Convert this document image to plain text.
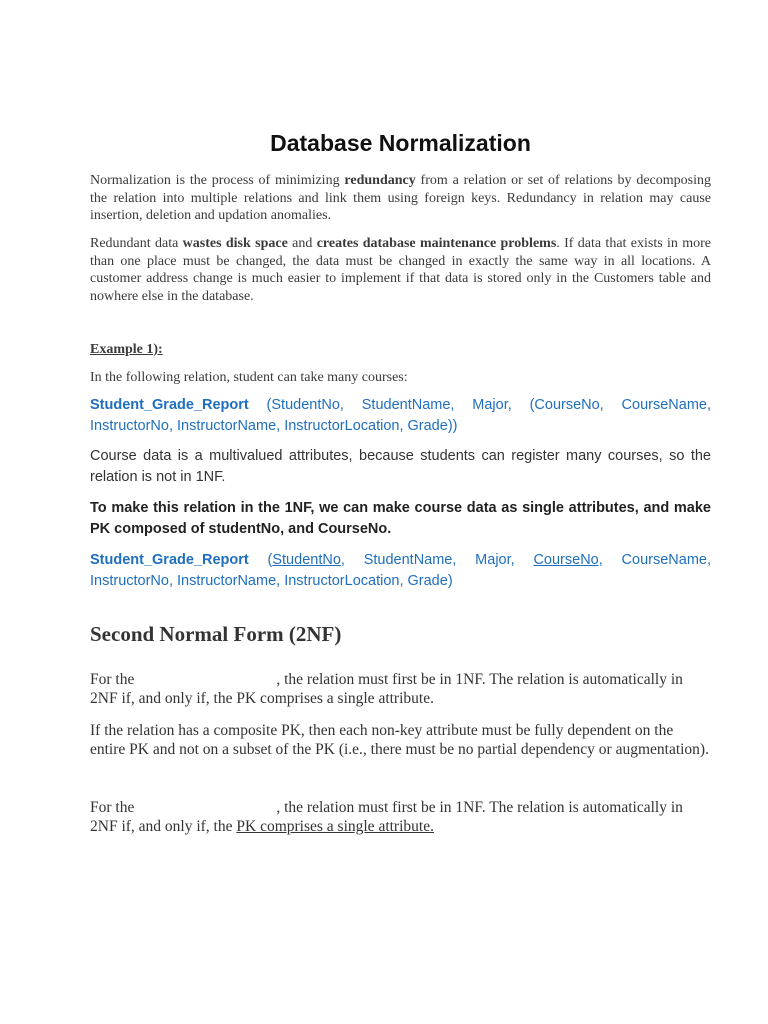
Database Normalization

Normalization is the process of minimizing redundancy from a relation or set of relations by decomposing the relation into multiple relations and link them using foreign keys. Redundancy in relation may cause insertion, deletion and updation anomalies.

Redundant data wastes disk space and creates database maintenance problems. If data that exists in more than one place must be changed, the data must be changed in exactly the same way in all locations. A customer address change is much easier to implement if that data is stored only in the Customers table and nowhere else in the database.

Example 1):

In the following relation, student can take many courses:

Student_Grade_Report (StudentNo, StudentName, Major, (CourseNo, CourseName, InstructorNo, InstructorName, InstructorLocation, Grade))

Course data is a multivalued attributes, because students can register many courses, so the relation is not in 1NF.

To make this relation in the 1NF, we can make course data as single attributes, and make PK composed of studentNo, and CourseNo.

Student_Grade_Report (StudentNo, StudentName, Major, CourseNo, CourseName, InstructorNo, InstructorName, InstructorLocation, Grade)

Second Normal Form (2NF)

For the	, the relation must first be in 1NF. The relation is automatically in 2NF if, and only if, the PK comprises a single attribute.

If the relation has a composite PK, then each non-key attribute must be fully dependent on the entire PK and not on a subset of the PK (i.e., there must be no partial dependency or augmentation).

For the	, the relation must first be in 1NF. The relation is automatically in 2NF if, and only if, the PK comprises a single attribute.
